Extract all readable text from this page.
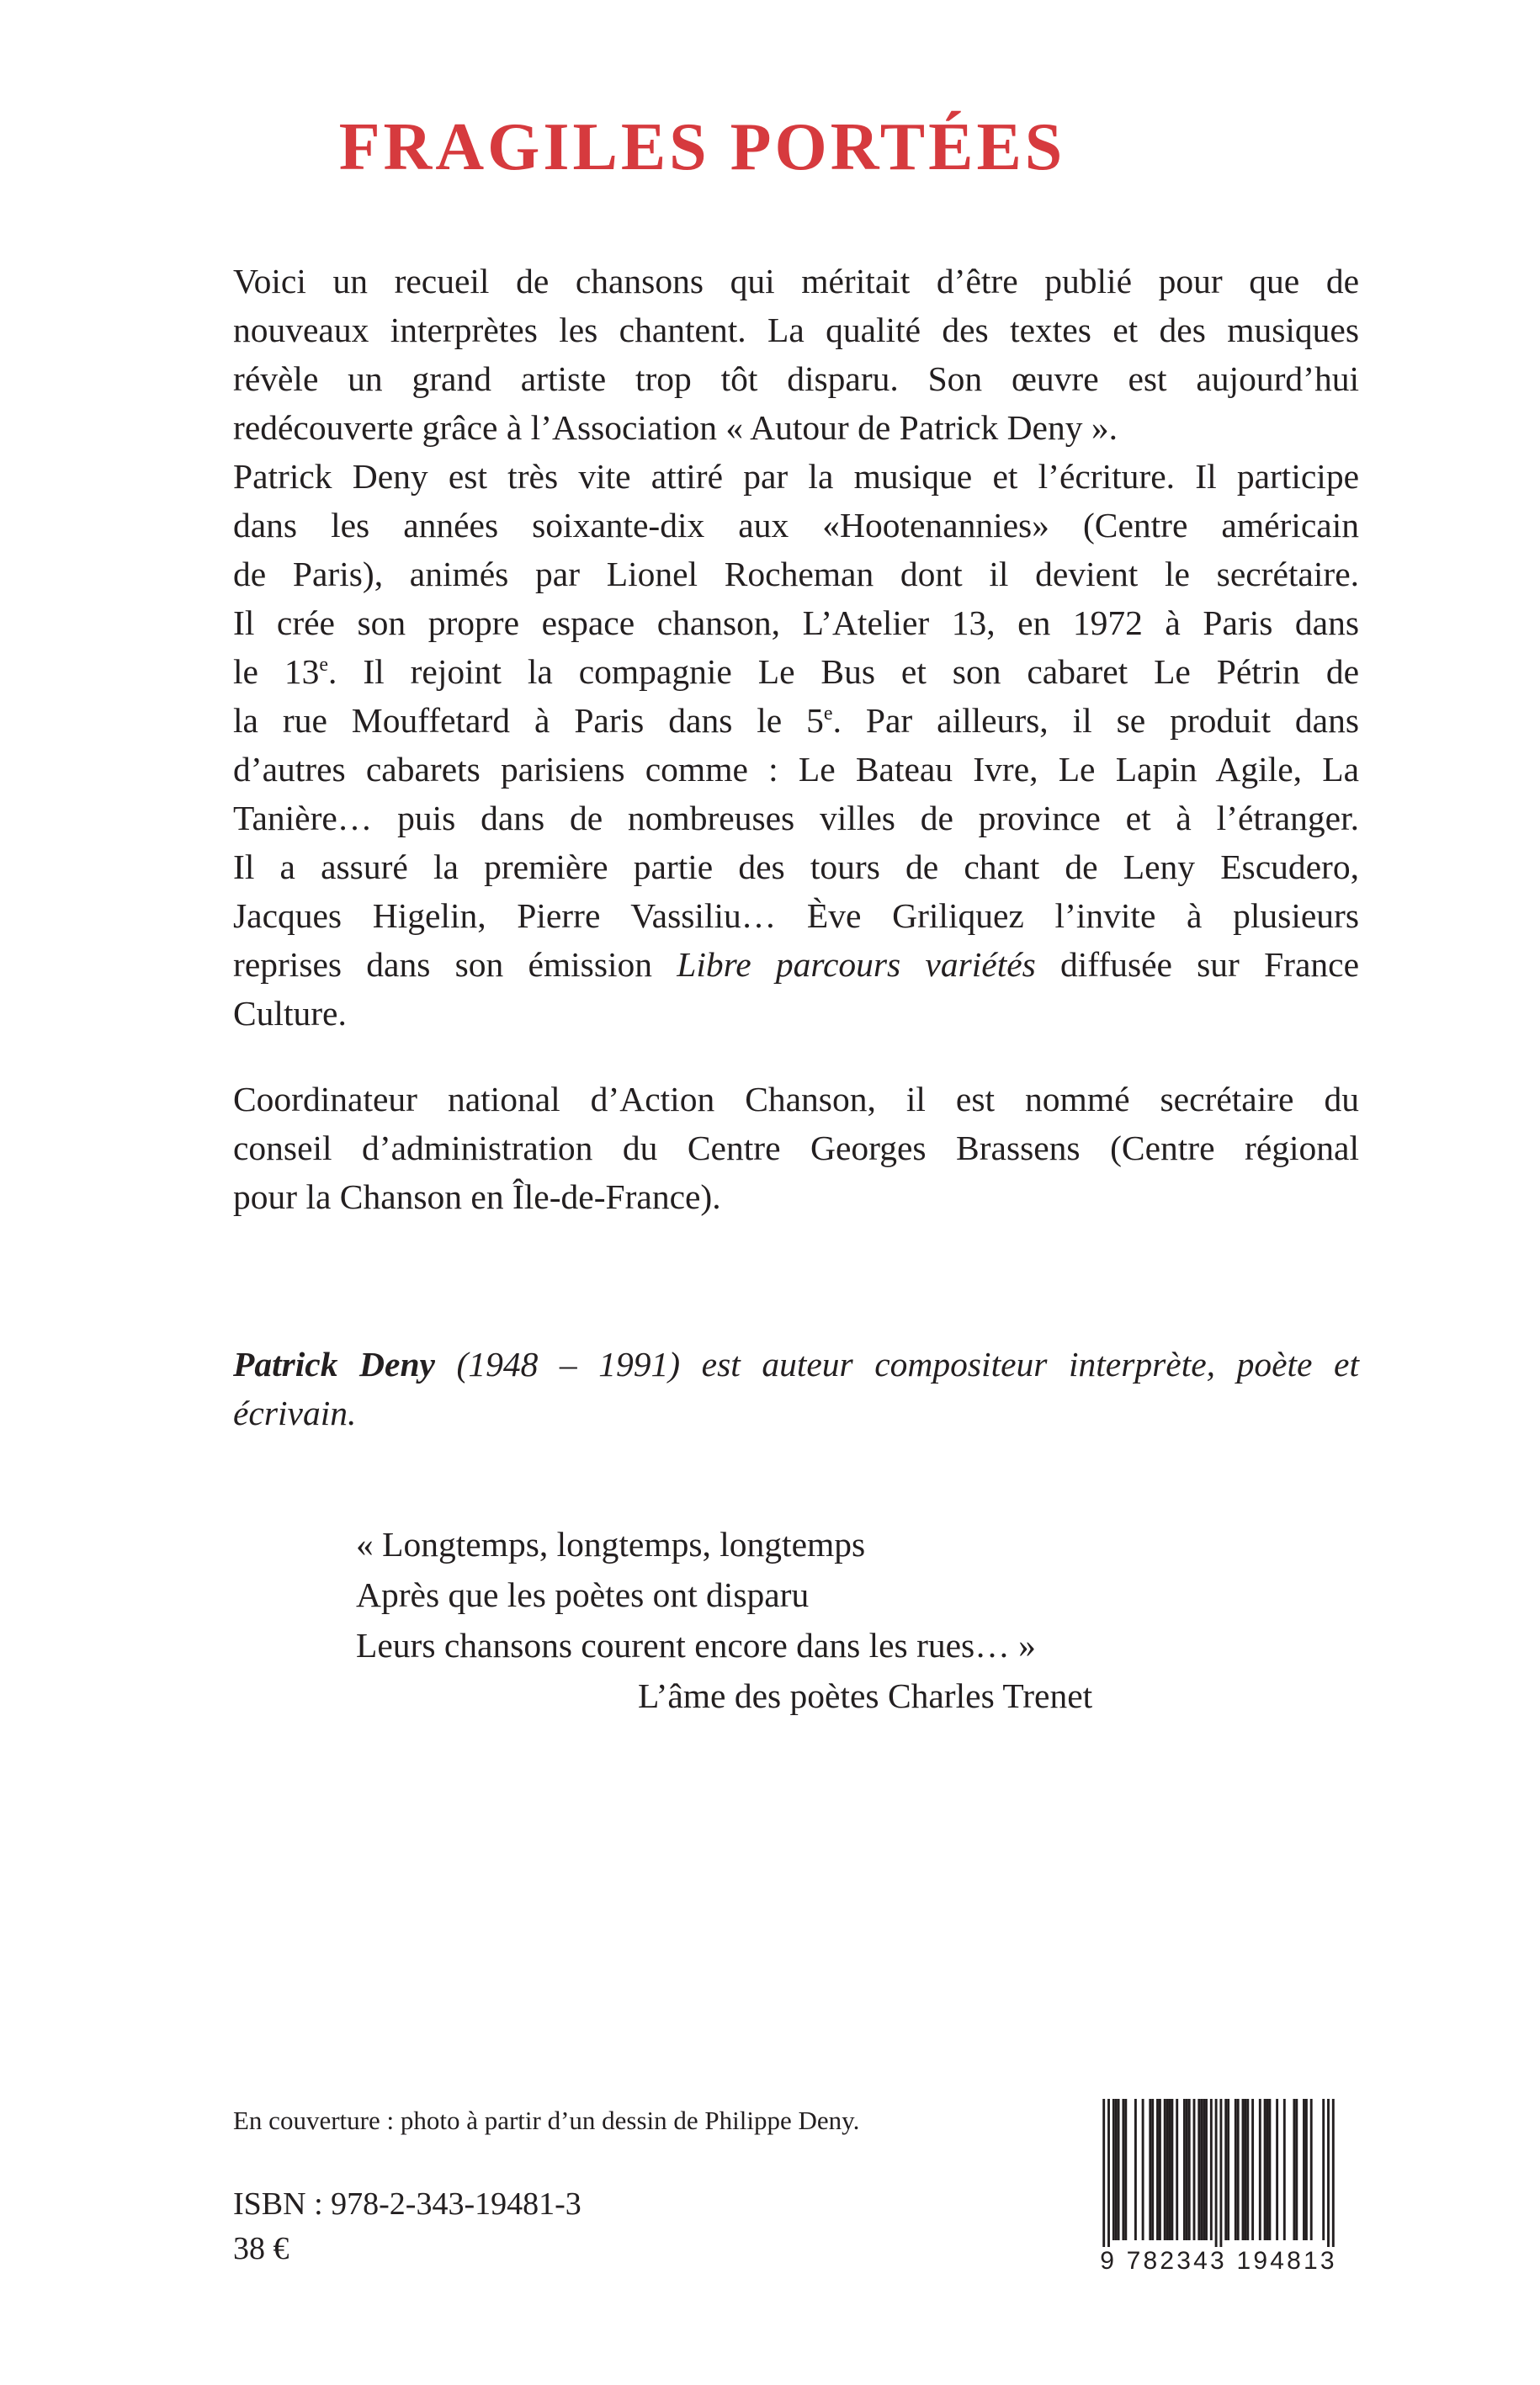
FRAGILES PORTÉES
Voici un recueil de chansons qui méritait d’être publié pour que de
nouveaux interprètes les chantent. La qualité des textes et des musiques
révèle un grand artiste trop tôt disparu. Son œuvre est aujourd’hui
redécouverte grâce à l’Association « Autour de Patrick Deny ».
Patrick Deny est très vite attiré par la musique et l’écriture. Il participe
dans les années soixante-dix aux «Hootenannies» (Centre américain
de Paris), animés par Lionel Rocheman dont il devient le secrétaire.
Il crée son propre espace chanson, L’Atelier 13, en 1972 à Paris dans
le 13e. Il rejoint la compagnie Le Bus et son cabaret Le Pétrin de
la rue Mouffetard à Paris dans le 5e. Par ailleurs, il se produit dans
d’autres cabarets parisiens comme : Le Bateau Ivre, Le Lapin Agile, La
Tanière… puis dans de nombreuses villes de province et à l’étranger.
Il a assuré la première partie des tours de chant de Leny Escudero,
Jacques Higelin, Pierre Vassiliu… Ève Griliquez l’invite à plusieurs
reprises dans son émission Libre parcours variétés diffusée sur France
Culture.
Coordinateur national d’Action Chanson, il est nommé secrétaire du
conseil d’administration du Centre Georges Brassens (Centre régional
pour la Chanson en Île-de-France).
Patrick Deny (1948 – 1991) est auteur compositeur interprète, poète et
écrivain.
« Longtemps, longtemps, longtemps
Après que les poètes ont disparu
Leurs chansons courent encore dans les rues… »
L’âme des poètes Charles Trenet
En couverture : photo à partir d’un dessin de Philippe Deny.
ISBN : 978-2-343-19481-3
38 €	9 782343 194813
